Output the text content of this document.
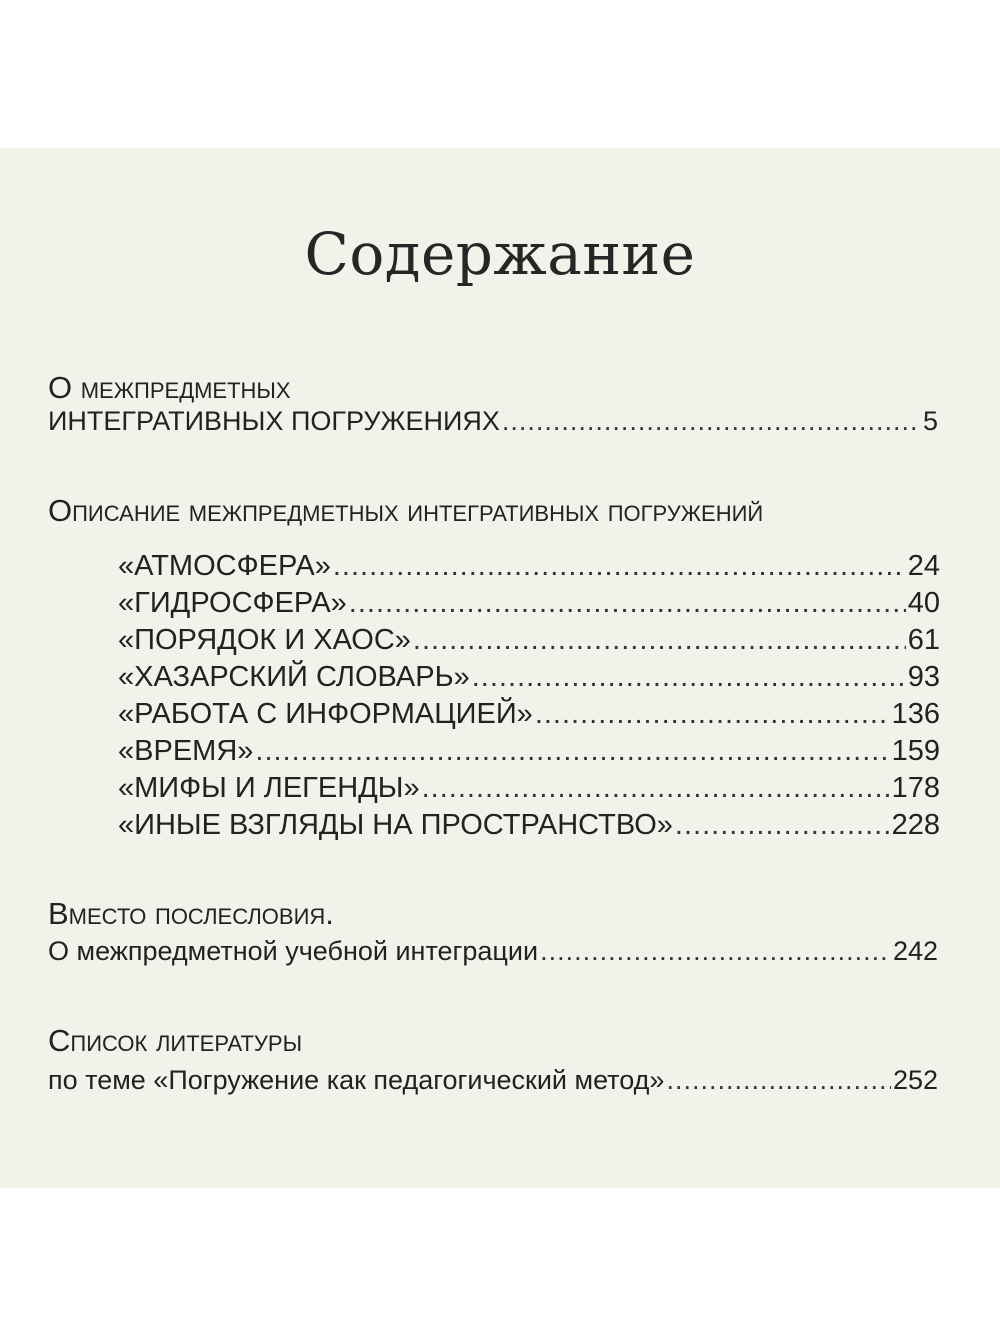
Содержание
О межпредметных
ИНТЕГРАТИВНЫХ ПОГРУЖЕНИЯХ .....	5
Описание межпредметных интегративных погружений
«АТМОСФЕРА» .....	24
«ГИДРОСФЕРА» .....	40
«ПОРЯДОК И ХАОС» .....	61
«ХАЗАРСКИЙ СЛОВАРЬ» .....	93
«РАБОТА С ИНФОРМАЦИЕЙ» .....	136
«ВРЕМЯ» .....	159
«МИФЫ И ЛЕГЕНДЫ» .....	178
«ИНЫЕ ВЗГЛЯДЫ НА ПРОСТРАНСТВО» .....	228
Вместо послесловия.
О межпредметной учебной интеграции .....	242
Список литературы
по теме «Погружение как педагогический метод» .....	252
